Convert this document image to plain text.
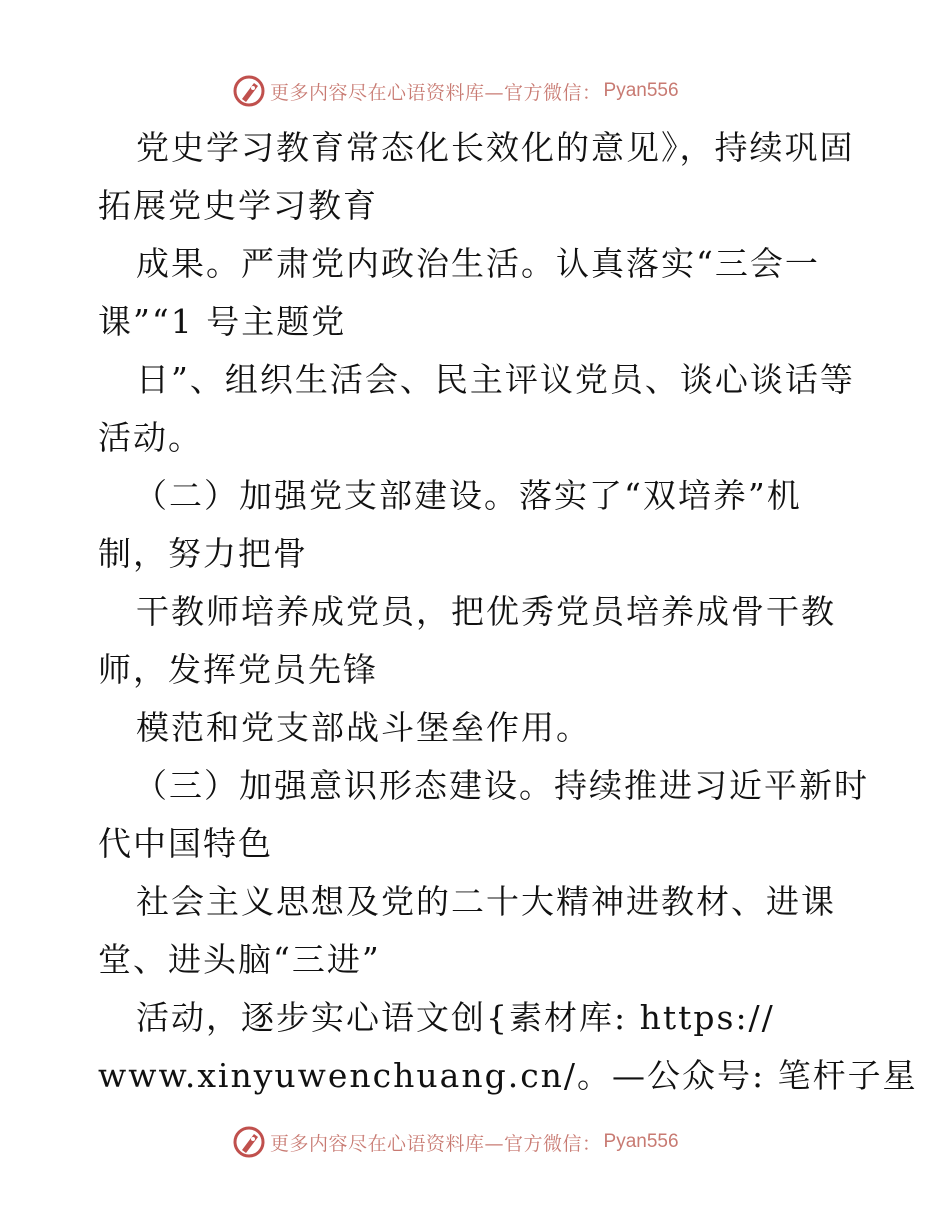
更多内容尽在心语资料库—官方微信： Pyan556
党史学习教育常态化长效化的意见》，持续巩固
拓展党史学习教育
成果。严肃党内政治生活。认真落实“三会一
课”“1 号主题党
日”、组织生活会、民主评议党员、谈心谈话等
活动。
（二）加强党支部建设。落实了“双培养”机
制，努力把骨
干教师培养成党员，把优秀党员培养成骨干教
师，发挥党员先锋
模范和党支部战斗堡垒作用。
（三）加强意识形态建设。持续推进习近平新时
代中国特色
社会主义思想及党的二十大精神进教材、进课
堂、进头脑“三进”
活动，逐步实心语文创{素材库: https://
www.xinyuwenchuang.cn/。—公众号: 笔杆子星
更多内容尽在心语资料库—官方微信： Pyan556
